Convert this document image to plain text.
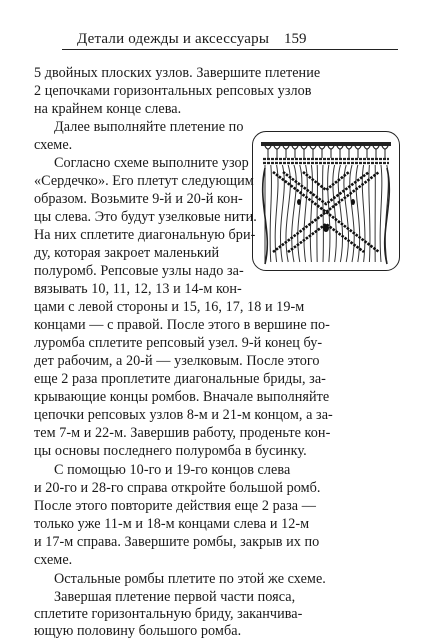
Детали одежды и аксессуары 159
5 двойных плоских узлов. Завершите плетение
2 цепочками горизонтальных репсовых узлов
на крайнем конце слева.
Далее выполняйте плетение по
схеме.
Согласно схеме выполните узор
«Сердечко». Его плетут следующим
образом. Возьмите 9-й и 20-й кон-
цы слева. Это будут узелковые нити.
На них сплетите диагональную бри-
ду, которая закроет маленький
полуромб. Репсовые узлы надо за-
вязывать 10, 11, 12, 13 и 14-м кон-
цами с левой стороны и 15, 16, 17, 18 и 19-м
концами — с правой. После этого в вершине по-
луромба сплетите репсовый узел. 9-й конец бу-
дет рабочим, а 20-й — узелковым. После этого
еще 2 раза проплетите диагональные бриды, за-
крывающие концы ромбов. Вначале выполняйте
цепочки репсовых узлов 8-м и 21-м концом, а за-
тем 7-м и 22-м. Завершив работу, проденьте кон-
цы основы последнего полуромба в бусинку.
С помощью 10-го и 19-го концов слева
и 20-го и 28-го справа откройте большой ромб.
После этого повторите действия еще 2 раза —
только уже 11-м и 18-м концами слева и 12-м
и 17-м справа. Завершите ромбы, закрыв их по
схеме.
Остальные ромбы плетите по этой же схеме.
Завершая плетение первой части пояса,
сплетите горизонтальную бриду, заканчива-
ющую половину большого ромба.
